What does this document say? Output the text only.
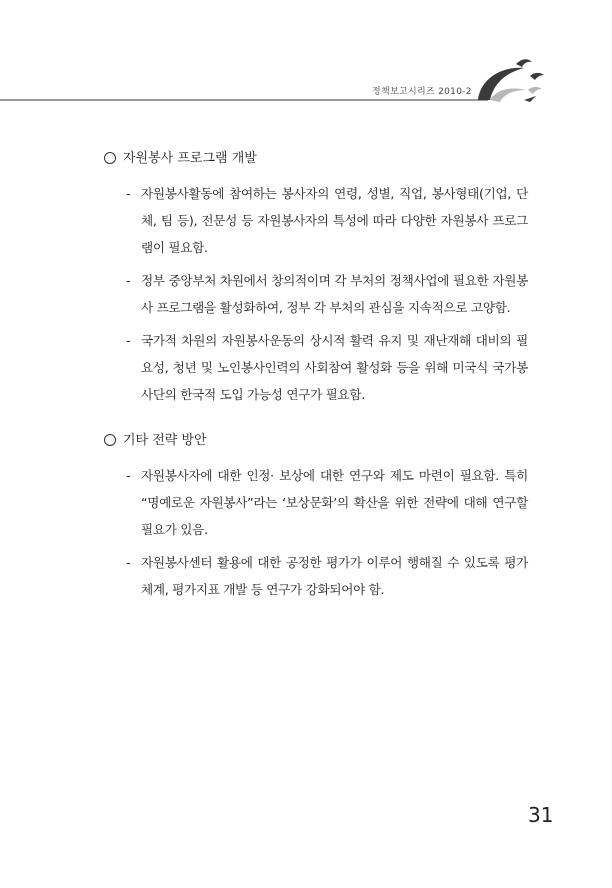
정책보고시리즈 2010-2
자원봉사 프로그램 개발
- 자원봉사활동에 참여하는 봉사자의 연령, 성별, 직업, 봉사형태(기업, 단체, 팀 등), 전문성 등 자원봉사자의 특성에 따라 다양한 자원봉사 프로그램이 필요함.
- 정부 중앙부처 차원에서 창의적이며 각 부처의 정책사업에 필요한 자원봉사 프로그램을 활성화하여, 정부 각 부처의 관심을 지속적으로 고양함.
- 국가적 차원의 자원봉사운동의 상시적 활력 유지 및 재난재해 대비의 필요성, 청년 및 노인봉사인력의 사회참여 활성화 등을 위해 미국식 국가봉사단의 한국적 도입 가능성 연구가 필요함.
기타 전략 방안
- 자원봉사자에 대한 인정· 보상에 대한 연구와 제도 마련이 필요함. 특히 “명예로운 자원봉사”라는 ‘보상문화’의 확산을 위한 전략에 대해 연구할 필요가 있음.
- 자원봉사센터 활용에 대한 공정한 평가가 이루어 행해질 수 있도록 평가체계, 평가지표 개발 등 연구가 강화되어야 함.
31
